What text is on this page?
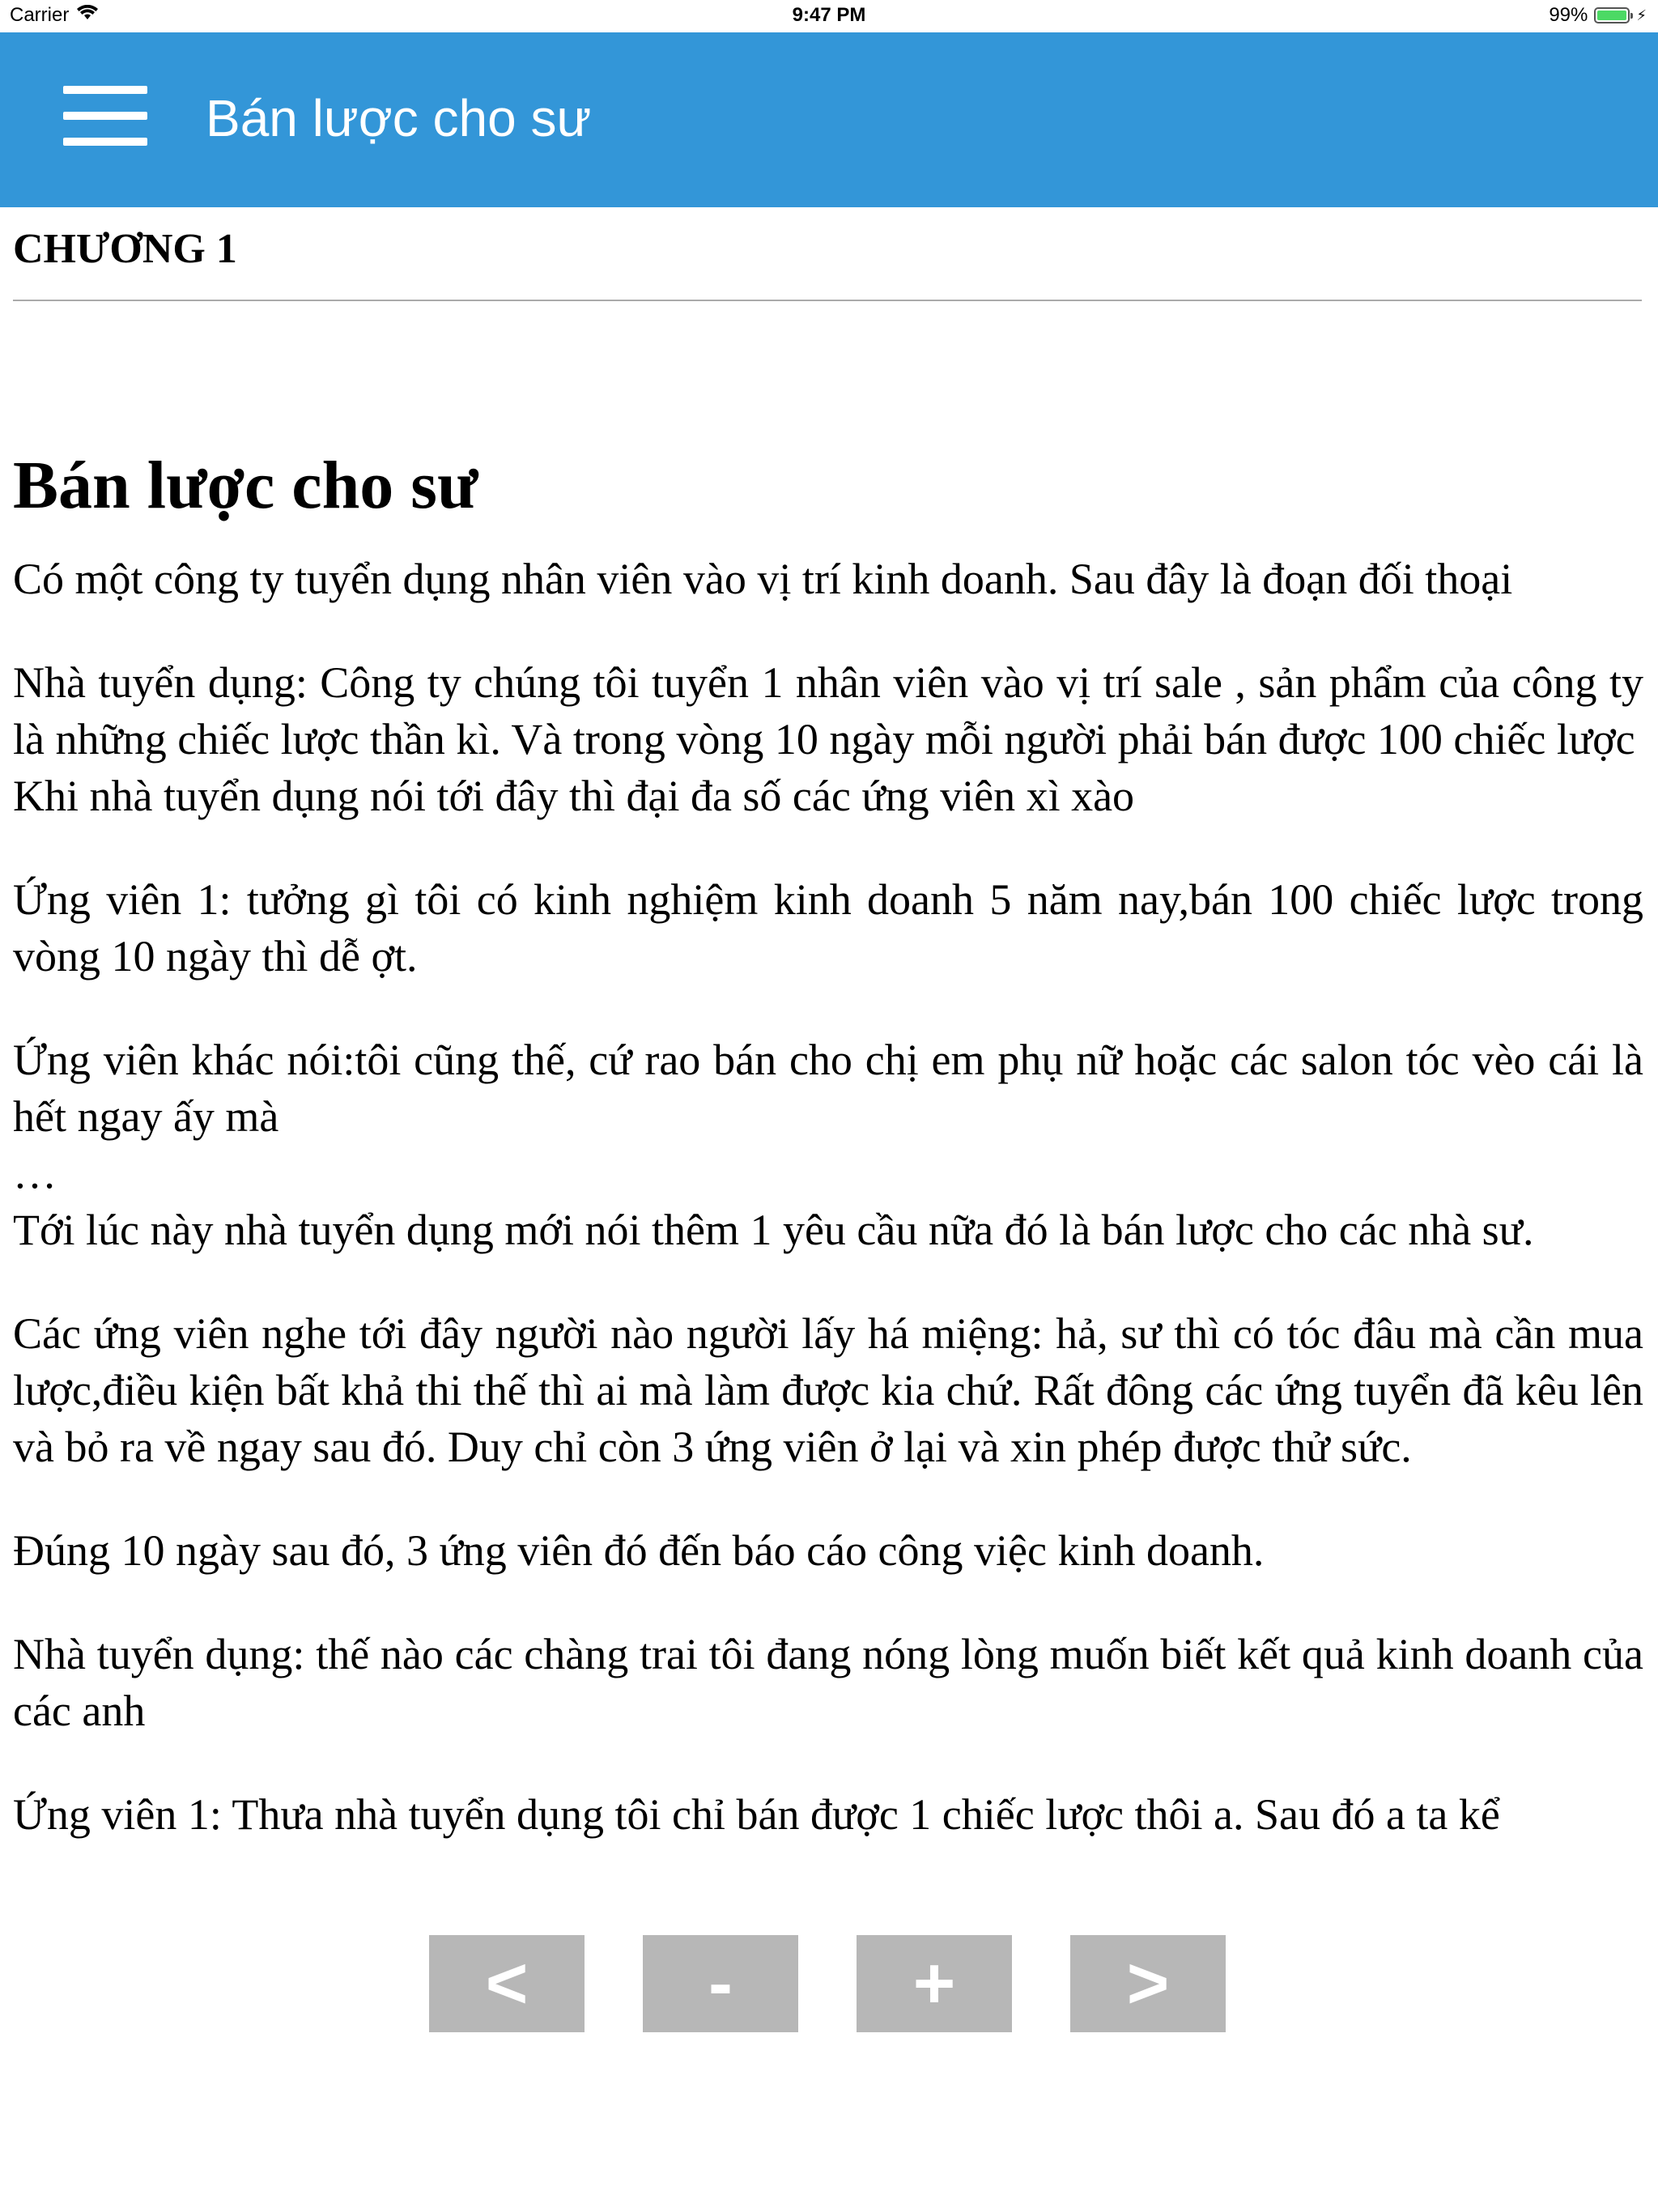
Carrier	9:47 PM	99%	⚡
Bán lược cho sư
CHƯƠNG 1
Bán lược cho sư

Có một công ty tuyển dụng nhân viên vào vị trí kinh doanh. Sau đây là đoạn đối thoại

Nhà tuyển dụng: Công ty chúng tôi tuyển 1 nhân viên vào vị trí sale , sản phẩm của công ty là những chiếc lược thần kì. Và trong vòng 10 ngày mỗi người phải bán được 100 chiếc lược
Khi nhà tuyển dụng nói tới đây thì đại đa số các ứng viên xì xào

Ứng viên 1: tưởng gì tôi có kinh nghiệm kinh doanh 5 năm nay,bán 100 chiếc lược trong vòng 10 ngày thì dễ ợt.

Ứng viên khác nói:tôi cũng thế, cứ rao bán cho chị em phụ nữ hoặc các salon tóc vèo cái là hết ngay ấy mà
…
Tới lúc này nhà tuyển dụng mới nói thêm 1 yêu cầu nữa đó là bán lược cho các nhà sư.

Các ứng viên nghe tới đây người nào người lấy há miệng: hả, sư thì có tóc đâu mà cần mua lược,điều kiện bất khả thi thế thì ai mà làm được kia chứ. Rất đông các ứng tuyển đã kêu lên và bỏ ra về ngay sau đó. Duy chỉ còn 3 ứng viên ở lại và xin phép được thử sức.

Đúng 10 ngày sau đó, 3 ứng viên đó đến báo cáo công việc kinh doanh.

Nhà tuyển dụng: thế nào các chàng trai tôi đang nóng lòng muốn biết kết quả kinh doanh của các anh

Ứng viên 1: Thưa nhà tuyển dụng tôi chỉ bán được 1 chiếc lược thôi a. Sau đó a ta kể

<	-	+	>
